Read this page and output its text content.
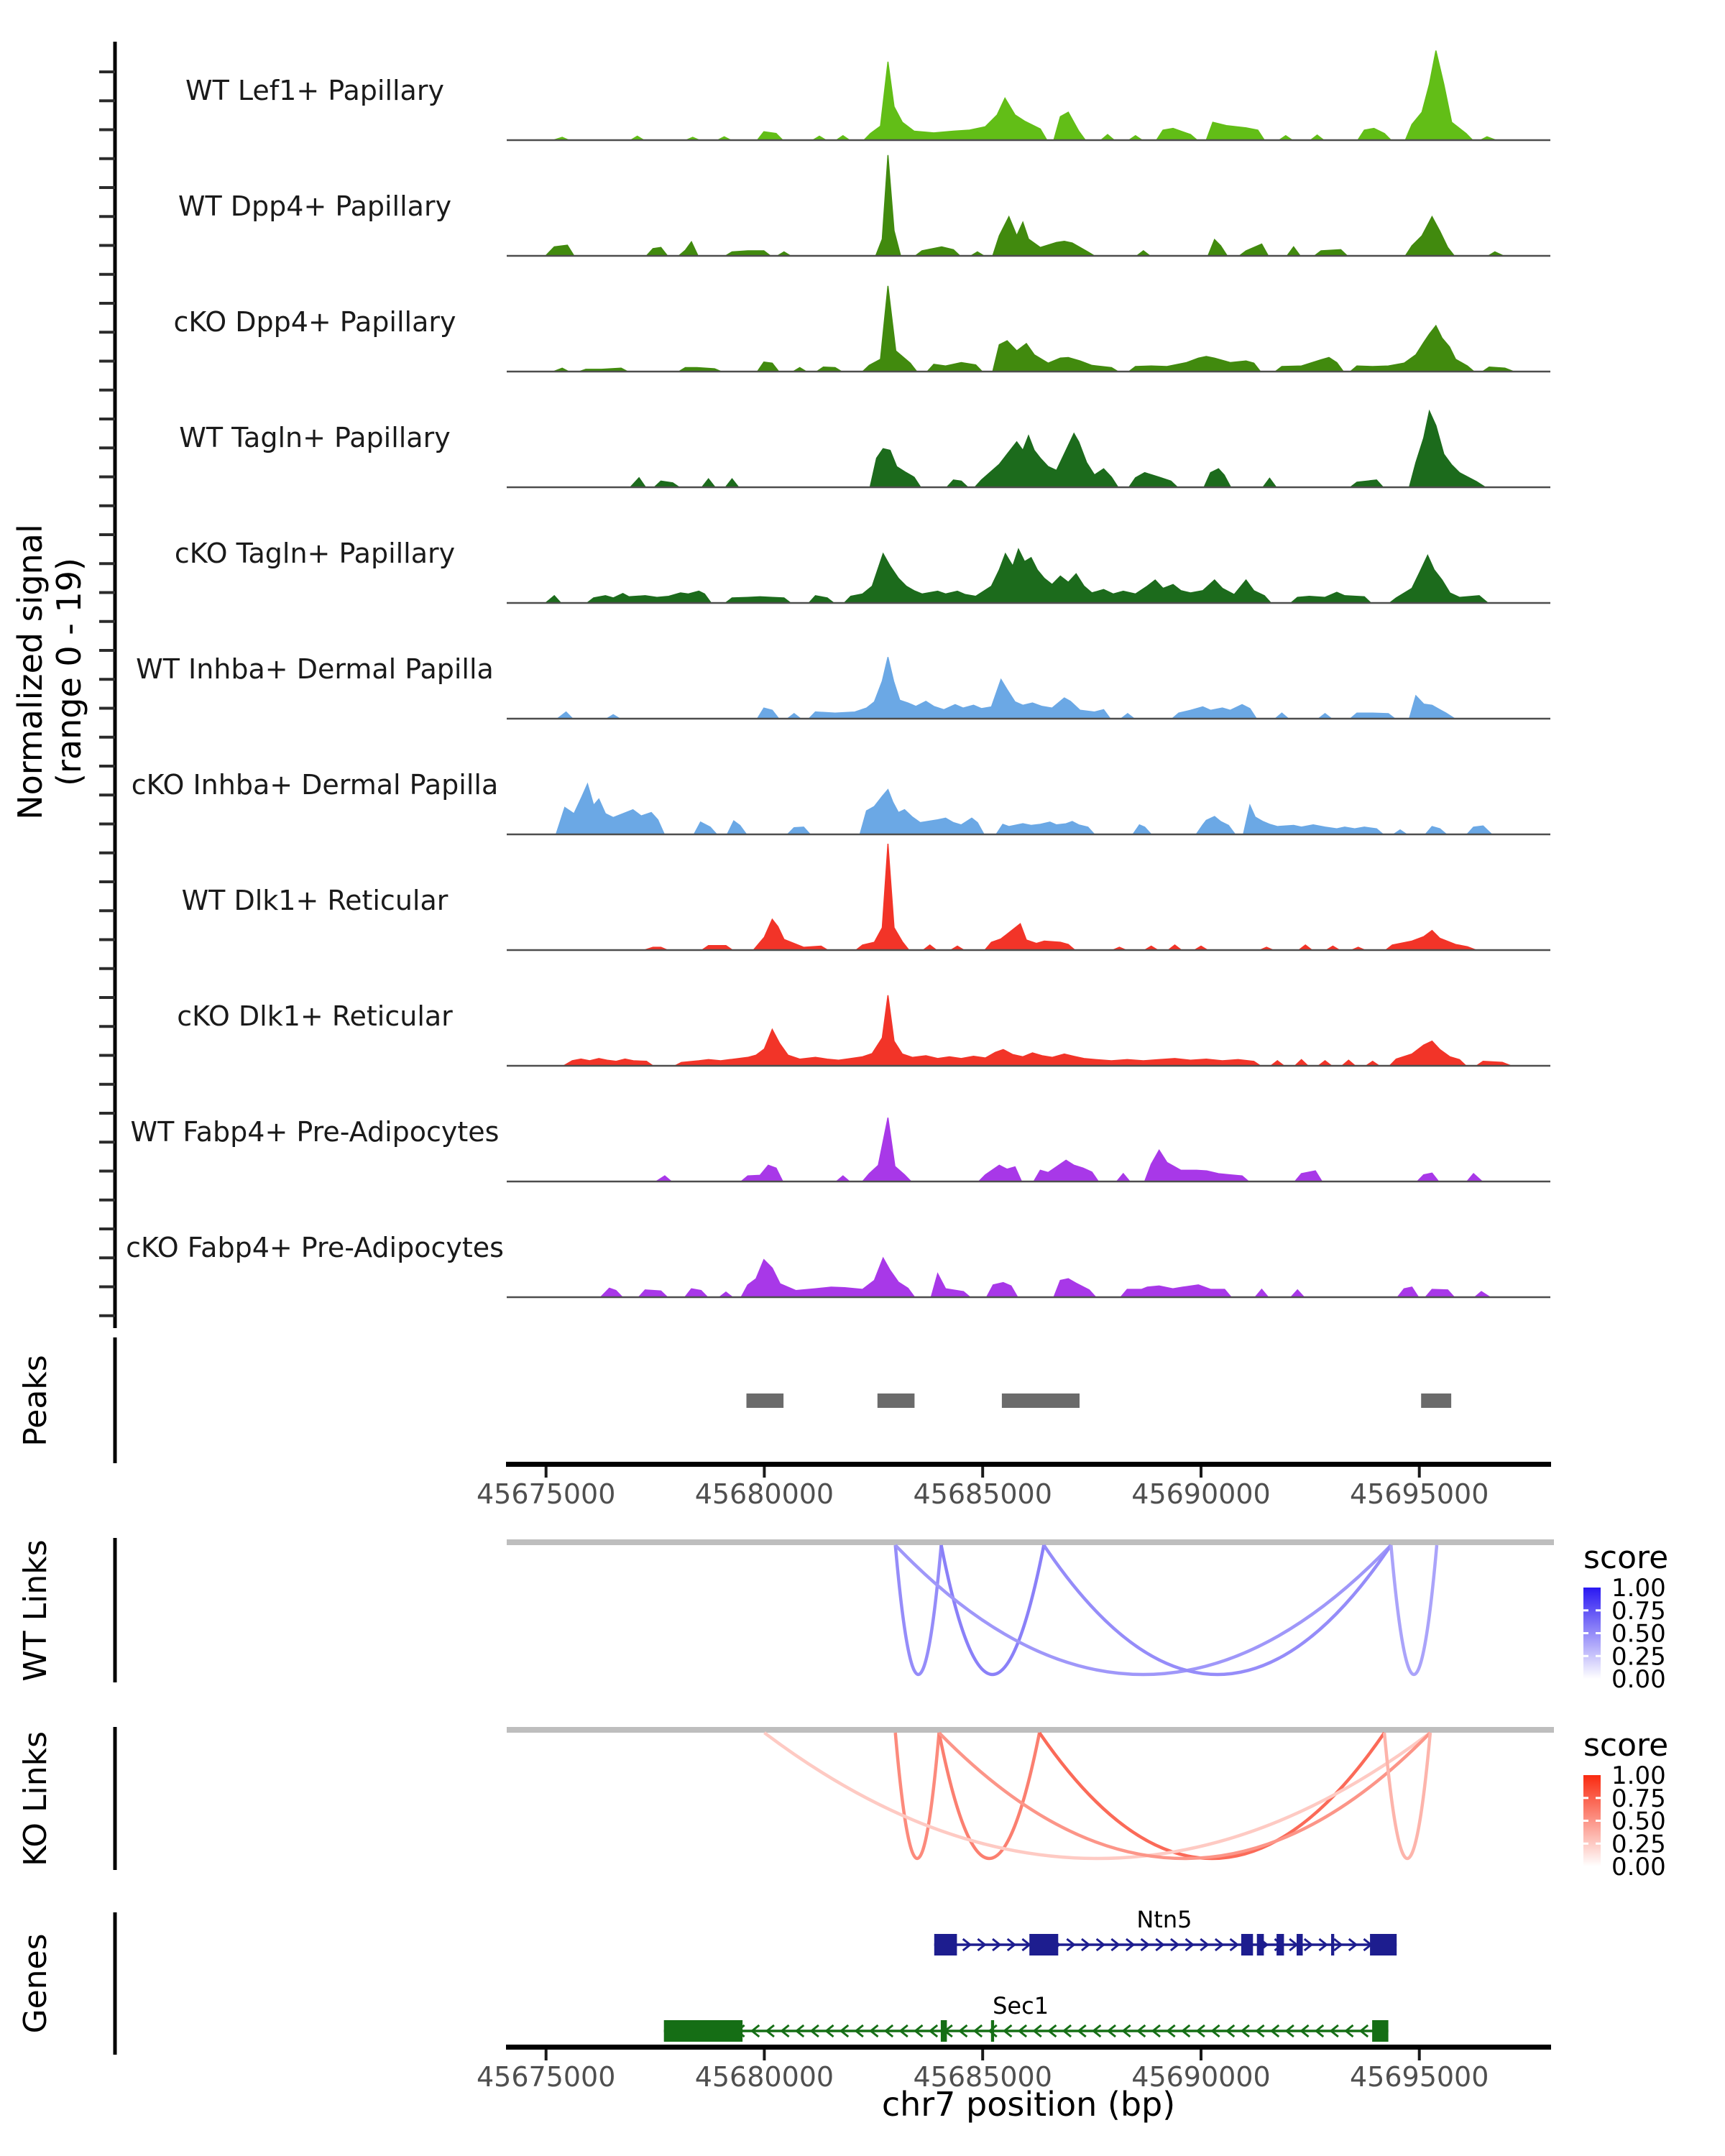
Normalized signal (range 0 - 19)
WT Lef1+ Papillary
WT Dpp4+ Papillary
cKO Dpp4+ Papillary
WT Tagln+ Papillary
cKO Tagln+ Papillary
WT Inhba+ Dermal Papilla
cKO Inhba+ Dermal Papilla
WT Dlk1+ Reticular
cKO Dlk1+ Reticular
WT Fabp4+ Pre-Adipocytes
cKO Fabp4+ Pre-Adipocytes
Peaks
45675000	45680000	45685000	45690000	45695000
WT Links	score
1.00
0.75
0.50
0.25
0.00
KO Links	score
1.00
0.75
0.50
0.25
0.00
Genes
Ntn5
Sec1
45675000	45680000	45685000	45690000	45695000
chr7 position (bp)
